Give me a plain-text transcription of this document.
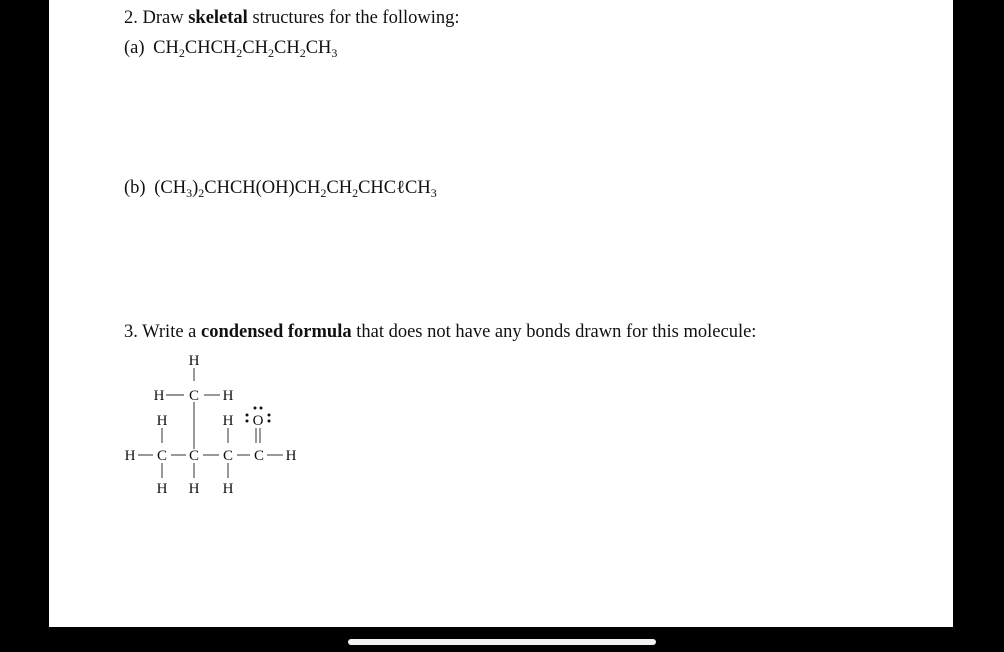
2. Draw skeletal structures for the following:
(a) $CH_2CHCH_2CH_2CH_2CH_3$
(b) $(CH_3)_2CHCH(OH)CH_2CH_2CHC\ell CH_3$
3. Write a condensed formula that does not have any bonds drawn for this molecule:
H
H C H
H	H O
H C C C C H
H H H
